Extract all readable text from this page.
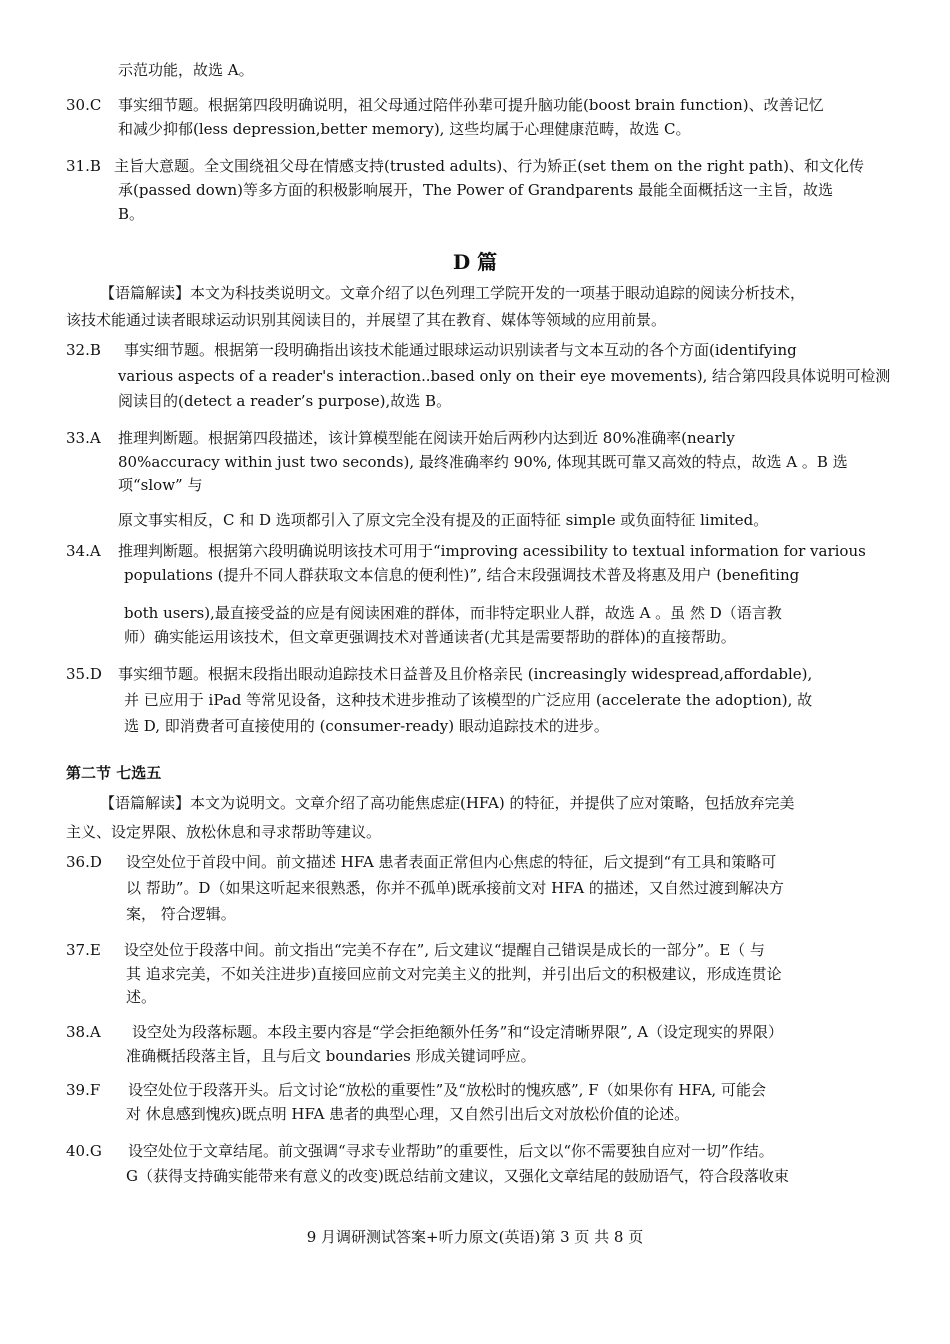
示范功能，故选 A。
30.C 事实细节题。根据第四段明确说明，祖父母通过陪伴孙辈可提升脑功能(boost brain function)、改善记忆
和减少抑郁(less depression,better memory), 这些均属于心理健康范畴，故选 C。
31.B 主旨大意题。全文围绕祖父母在情感支持(trusted adults)、行为矫正(set them on the right path)、和文化传
承(passed down)等多方面的积极影响展开，The Power of Grandparents 最能全面概括这一主旨，故选
B。
D 篇
【语篇解读】本文为科技类说明文。文章介绍了以色列理工学院开发的一项基于眼动追踪的阅读分析技术，
该技术能通过读者眼球运动识别其阅读目的，并展望了其在教育、媒体等领域的应用前景。
32.B 事实细节题。根据第一段明确指出该技术能通过眼球运动识别读者与文本互动的各个方面(identifying
various aspects of a reader's interaction..based only on their eye movements), 结合第四段具体说明可检测
阅读目的(detect a reader’s purpose),故选 B。
33.A 推理判断题。根据第四段描述，该计算模型能在阅读开始后两秒内达到近 80%准确率(nearly
80%accuracy within just two seconds), 最终准确率约 90%, 体现其既可靠又高效的特点，故选 A 。B 选
项“slow” 与
原文事实相反，C 和 D 选项都引入了原文完全没有提及的正面特征 simple 或负面特征 limited。
34.A 推理判断题。根据第六段明确说明该技术可用于“improving acessibility to textual information for various
populations (提升不同人群获取文本信息的便利性)”, 结合末段强调技术普及将惠及用户 (benefiting
both users),最直接受益的应是有阅读困难的群体，而非特定职业人群，故选 A 。虽 然 D（语言教
师）确实能运用该技术，但文章更强调技术对普通读者(尤其是需要帮助的群体)的直接帮助。
35.D 事实细节题。根据末段指出眼动追踪技术日益普及且价格亲民 (increasingly widespread,affordable),
并 已应用于 iPad 等常见设备，这种技术进步推动了该模型的广泛应用 (accelerate the adoption), 故
选 D, 即消费者可直接使用的 (consumer-ready) 眼动追踪技术的进步。
第二节 七选五
【语篇解读】本文为说明文。文章介绍了高功能焦虑症(HFA) 的特征，并提供了应对策略，包括放弃完美
主义、设定界限、放松休息和寻求帮助等建议。
36.D 设空处位于首段中间。前文描述 HFA 患者表面正常但内心焦虑的特征，后文提到“有工具和策略可
以 帮助”。D（如果这听起来很熟悉，你并不孤单)既承接前文对 HFA 的描述，又自然过渡到解决方
案， 符合逻辑。
37.E 设空处位于段落中间。前文指出“完美不存在”, 后文建议“提醒自己错误是成长的一部分”。E（ 与
其 追求完美，不如关注进步)直接回应前文对完美主义的批判，并引出后文的积极建议，形成连贯论
述。
38.A 设空处为段落标题。本段主要内容是“学会拒绝额外任务”和“设定清晰界限”, A（设定现实的界限）
准确概括段落主旨，且与后文 boundaries 形成关键词呼应。
39.F 设空处位于段落开头。后文讨论“放松的重要性”及“放松时的愧疚感”, F（如果你有 HFA, 可能会
对 休息感到愧疚)既点明 HFA 患者的典型心理，又自然引出后文对放松价值的论述。
40.G 设空处位于文章结尾。前文强调“寻求专业帮助”的重要性，后文以“你不需要独自应对一切”作结。
G（获得支持确实能带来有意义的改变)既总结前文建议，又强化文章结尾的鼓励语气，符合段落收束
9 月调研测试答案+听力原文(英语)第 3 页 共 8 页
